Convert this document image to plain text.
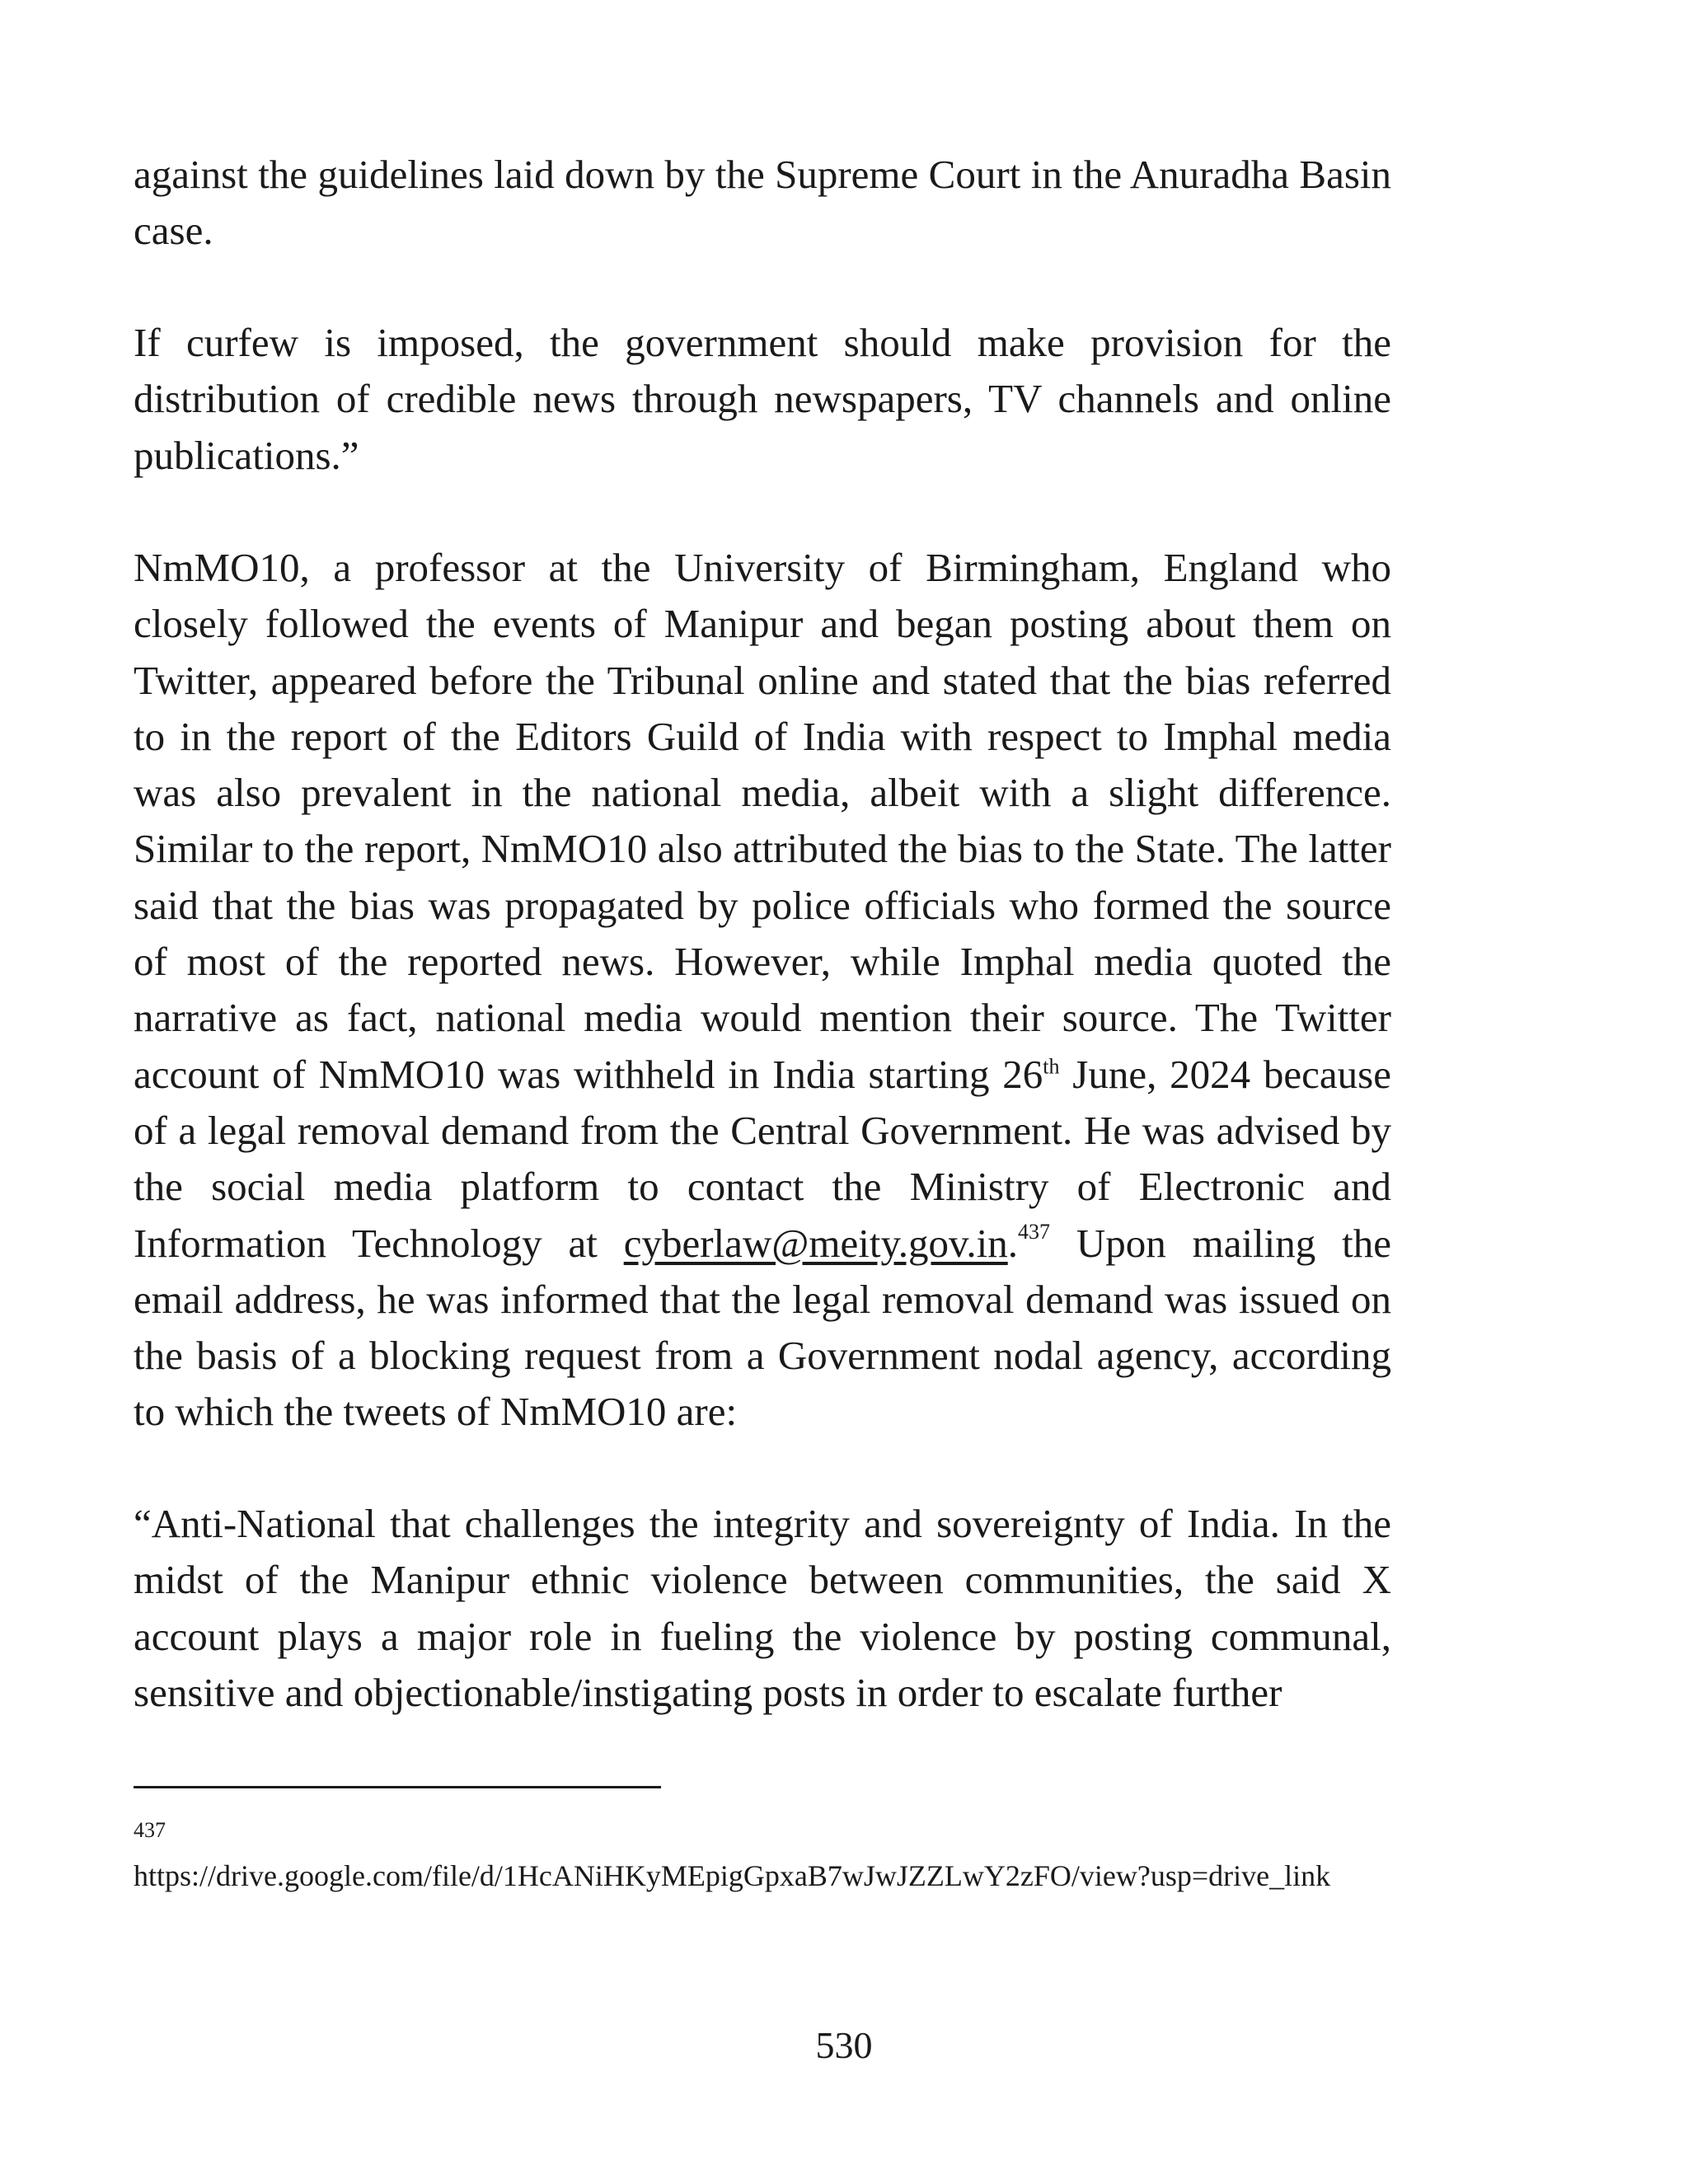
against the guidelines laid down by the Supreme Court in the Anuradha Basin case.

If curfew is imposed, the government should make provision for the distribution of credible news through newspapers, TV channels and online publications.”

NmMO10, a professor at the University of Birmingham, England who closely followed the events of Manipur and began posting about them on Twitter, appeared before the Tribunal online and stated that the bias referred to in the report of the Editors Guild of India with respect to Imphal media was also prevalent in the national media, albeit with a slight difference. Similar to the report, NmMO10 also attributed the bias to the State. The latter said that the bias was propagated by police officials who formed the source of most of the reported news. However, while Imphal media quoted the narrative as fact, national media would mention their source. The Twitter account of NmMO10 was withheld in India starting 26th June, 2024 because of a legal removal demand from the Central Government. He was advised by the social media platform to contact the Ministry of Electronic and Information Technology at cyberlaw@meity.gov.in.$^{437}$ Upon mailing the email address, he was informed that the legal removal demand was issued on the basis of a blocking request from a Government nodal agency, according to which the tweets of NmMO10 are:

“Anti-National that challenges the integrity and sovereignty of India. In the midst of the Manipur ethnic violence between communities, the said X account plays a major role in fueling the violence by posting communal, sensitive and objectionable/instigating posts in order to escalate further

437
https://drive.google.com/file/d/1HcANiHKyMEpigGpxaB7wJwJZZLwY2zFO/view?usp=drive_link
530
